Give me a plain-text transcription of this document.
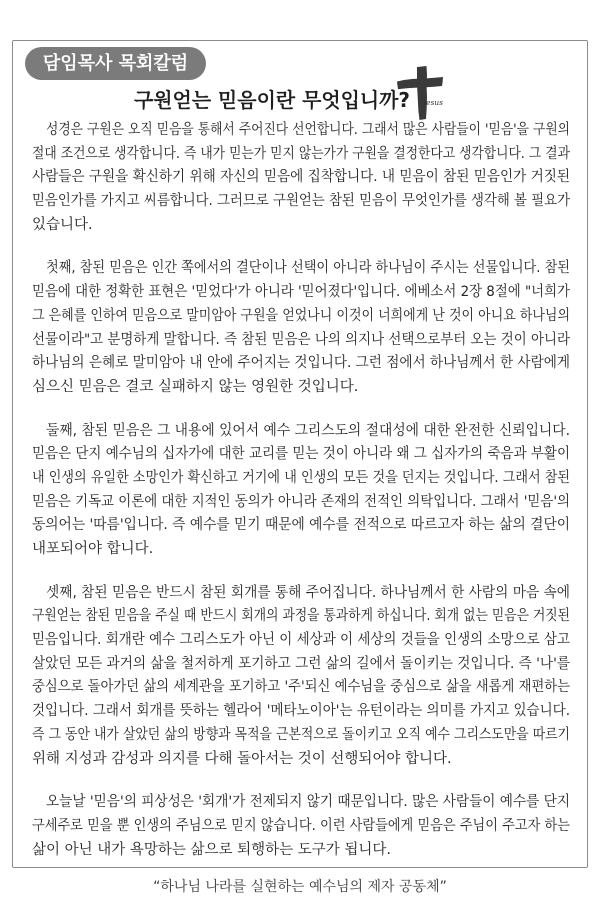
담임목사 목회칼럼
구원얻는 믿음이란 무엇입니까? Jesus
성경은 구원은 오직 믿음을 통해서 주어진다 선언합니다. 그래서 많은 사람들이 '믿음'을 구원의
절대 조건으로 생각합니다. 즉 내가 믿는가 믿지 않는가가 구원을 결정한다고 생각합니다. 그 결과
사람들은 구원을 확신하기 위해 자신의 믿음에 집착합니다. 내 믿음이 참된 믿음인가 거짓된
믿음인가를 가지고 씨름합니다. 그러므로 구원얻는 참된 믿음이 무엇인가를 생각해 볼 필요가
있습니다.
첫째, 참된 믿음은 인간 쪽에서의 결단이나 선택이 아니라 하나님이 주시는 선물입니다. 참된
믿음에 대한 정확한 표현은 '믿었다'가 아니라 '믿어졌다'입니다. 에베소서 2장 8절에 "너희가
그 은혜를 인하여 믿음으로 말미암아 구원을 얻었나니 이것이 너희에게 난 것이 아니요 하나님의
선물이라"고 분명하게 말합니다. 즉 참된 믿음은 나의 의지나 선택으로부터 오는 것이 아니라
하나님의 은혜로 말미암아 내 안에 주어지는 것입니다. 그런 점에서 하나님께서 한 사람에게
심으신 믿음은 결코 실패하지 않는 영원한 것입니다.
둘째, 참된 믿음은 그 내용에 있어서 예수 그리스도의 절대성에 대한 완전한 신뢰입니다.
믿음은 단지 예수님의 십자가에 대한 교리를 믿는 것이 아니라 왜 그 십자가의 죽음과 부활이
내 인생의 유일한 소망인가 확신하고 거기에 내 인생의 모든 것을 던지는 것입니다. 그래서 참된
믿음은 기독교 이론에 대한 지적인 동의가 아니라 존재의 전적인 의탁입니다. 그래서 '믿음'의
동의어는 '따름'입니다. 즉 예수를 믿기 때문에 예수를 전적으로 따르고자 하는 삶의 결단이
내포되어야 합니다.
셋째, 참된 믿음은 반드시 참된 회개를 통해 주어집니다. 하나님께서 한 사람의 마음 속에
구원얻는 참된 믿음을 주실 때 반드시 회개의 과정을 통과하게 하십니다. 회개 없는 믿음은 거짓된
믿음입니다. 회개란 예수 그리스도가 아닌 이 세상과 이 세상의 것들을 인생의 소망으로 삼고
살았던 모든 과거의 삶을 철저하게 포기하고 그런 삶의 길에서 돌이키는 것입니다. 즉 '나'를
중심으로 돌아가던 삶의 세계관을 포기하고 '주'되신 예수님을 중심으로 삶을 새롭게 재편하는
것입니다. 그래서 회개를 뜻하는 헬라어 '메타노이아'는 유턴이라는 의미를 가지고 있습니다.
즉 그 동안 내가 살았던 삶의 방향과 목적을 근본적으로 돌이키고 오직 예수 그리스도만을 따르기
위해 지성과 감성과 의지를 다해 돌아서는 것이 선행되어야 합니다.
오늘날 '믿음'의 피상성은 '회개'가 전제되지 않기 때문입니다. 많은 사람들이 예수를 단지
구세주로 믿을 뿐 인생의 주님으로 믿지 않습니다. 이런 사람들에게 믿음은 주님이 주고자 하는
삶이 아닌 내가 욕망하는 삶으로 퇴행하는 도구가 됩니다.
“하나님 나라를 실현하는 예수님의 제자 공동체”
